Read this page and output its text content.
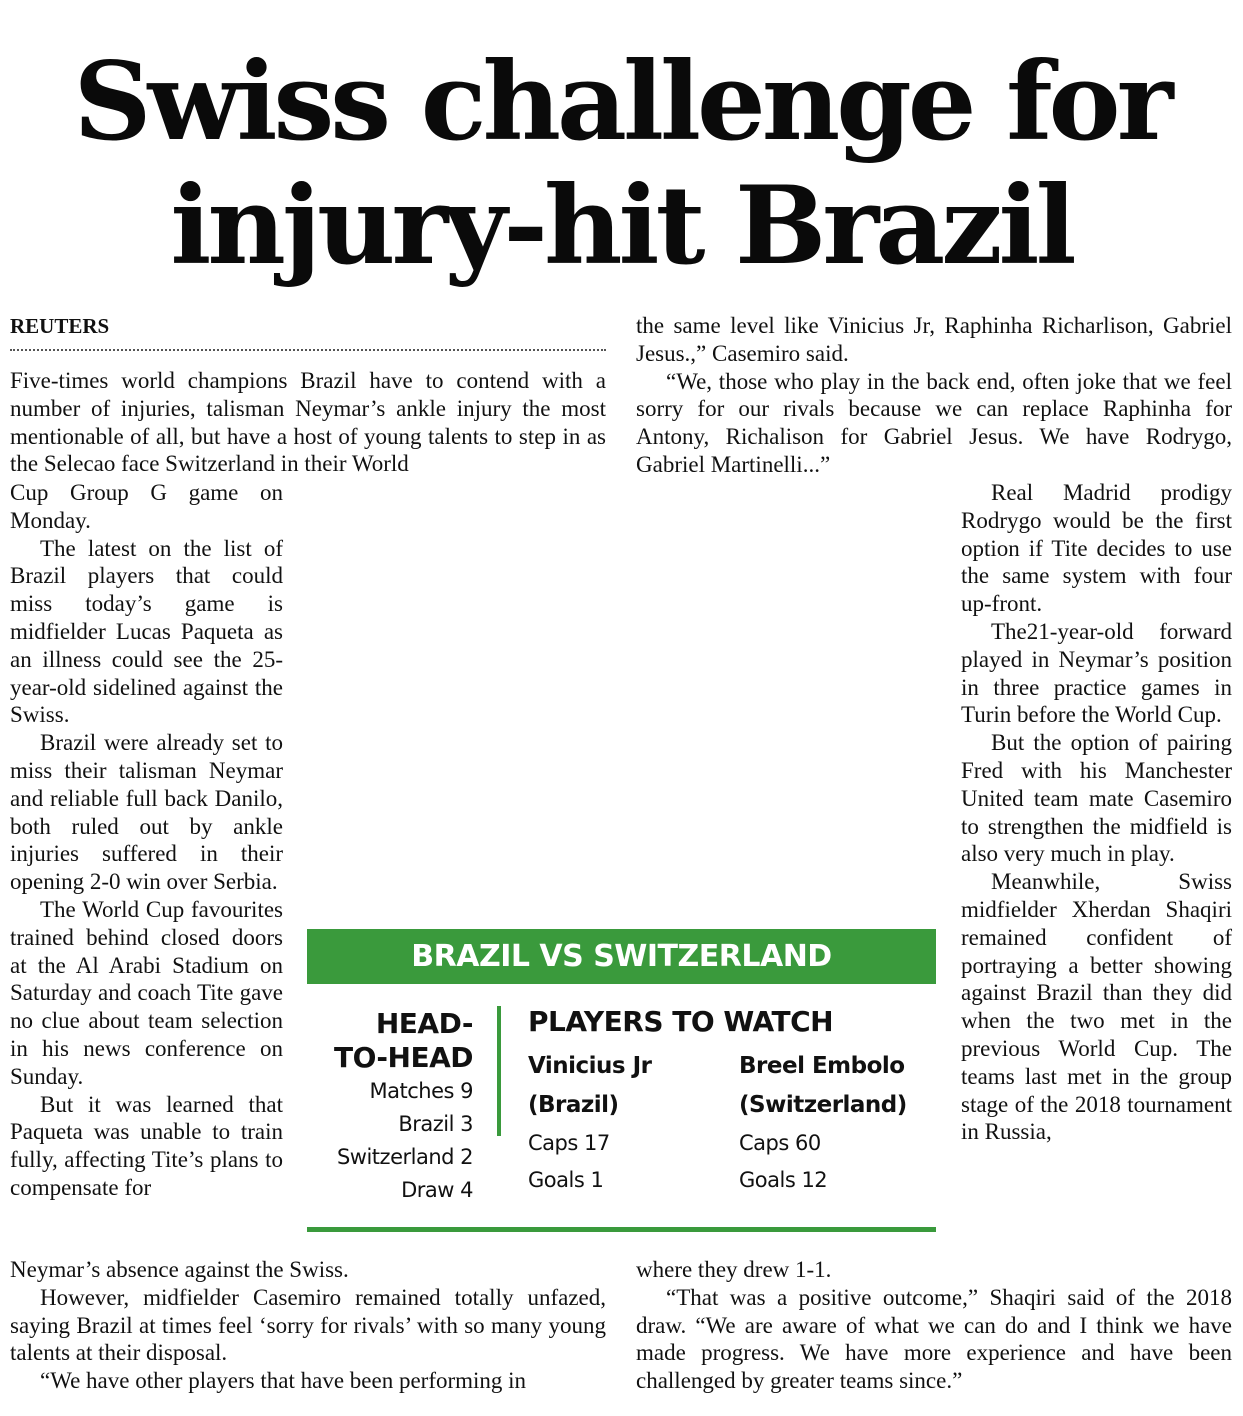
Swiss challenge for
injury-hit Brazil
REUTERS

Five-times world champions Brazil have to contend with a number of injuries, talisman Neymar’s ankle injury the most mentionable of all, but have a host of young talents to step in as the Selecao face Switzerland in their World

Cup Group G game on Monday.

The latest on the list of Brazil players that could miss today’s game is midfielder Lucas Paqueta as an illness could see the 25-year-old sidelined against the Swiss.

Brazil were already set to miss their talisman Neymar and reliable full back Danilo, both ruled out by ankle injuries suffered in their opening 2-0 win over Serbia.

The World Cup favourites trained behind closed doors at the Al Arabi Stadium on Saturday and coach Tite gave no clue about team selection in his news conference on Sunday.

But it was learned that Paqueta was unable to train fully, affecting Tite’s plans to compensate for

Neymar’s absence against the Swiss.

However, midfielder Casemiro remained totally unfazed, saying Brazil at times feel ‘sorry for rivals’ with so many young talents at their disposal.

“We have other players that have been performing in

the same level like Vinicius Jr, Raphinha Richarlison, Gabriel Jesus.,” Casemiro said.

“We, those who play in the back end, often joke that we feel sorry for our rivals because we can replace Raphinha for Antony, Richalison for Gabriel Jesus. We have Rodrygo, Gabriel Martinelli...”

Real Madrid prodigy Rodrygo would be the first option if Tite decides to use the same system with four up-front.

The21-year-old forward played in Neymar’s position in three practice games in Turin before the World Cup.

But the option of pairing Fred with his Manchester United team mate Casemiro to strengthen the midfield is also very much in play.

Meanwhile, Swiss midfielder Xherdan Shaqiri remained confident of portraying a better showing against Brazil than they did when the two met in the previous World Cup. The teams last met in the group stage of the 2018 tournament in Russia,

where they drew 1-1.

“That was a positive outcome,” Shaqiri said of the 2018 draw. “We are aware of what we can do and I think we have made progress. We have more experience and have been challenged by greater teams since.”

BRAZIL VS SWITZERLAND
HEAD-
TO-HEAD
Matches 9
Brazil 3
Switzerland 2
Draw 4
PLAYERS TO WATCH
Vinicius Jr
(Brazil)
Caps 17
Goals 1
Breel Embolo
(Switzerland)
Caps 60
Goals 12
